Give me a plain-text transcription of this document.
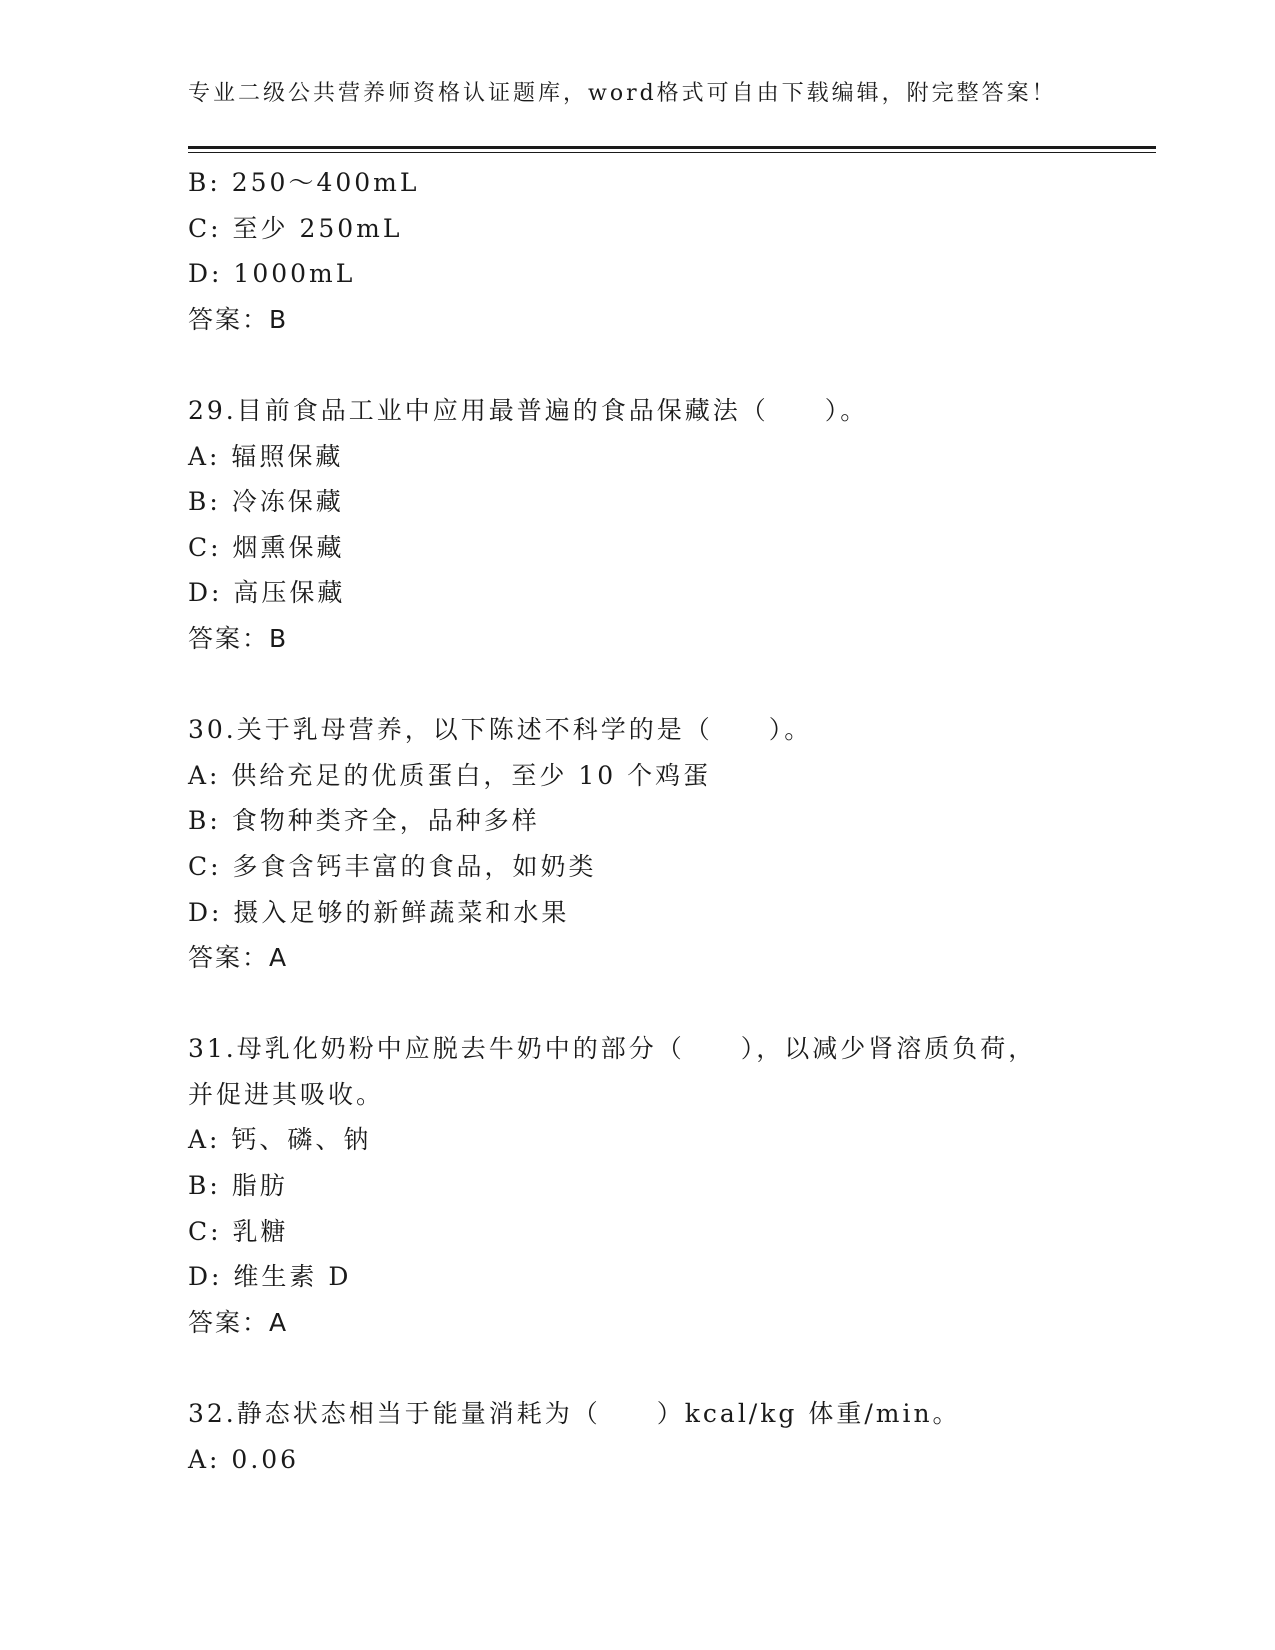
专业二级公共营养师资格认证题库，word格式可自由下载编辑，附完整答案！
B: 250～400mL
C: 至少 250mL
D: 1000mL
答案：B
29.目前食品工业中应用最普遍的食品保藏法（　　）。
A: 辐照保藏
B: 冷冻保藏
C: 烟熏保藏
D: 高压保藏
答案：B
30.关于乳母营养，以下陈述不科学的是（　　）。
A: 供给充足的优质蛋白，至少 10 个鸡蛋
B: 食物种类齐全，品种多样
C: 多食含钙丰富的食品，如奶类
D: 摄入足够的新鲜蔬菜和水果
答案：A
31.母乳化奶粉中应脱去牛奶中的部分（　　），以减少肾溶质负荷，
并促进其吸收。
A: 钙、磷、钠
B: 脂肪
C: 乳糖
D: 维生素 D
答案：A
32.静态状态相当于能量消耗为（　　）kcal/kg 体重/min。
A: 0.06
